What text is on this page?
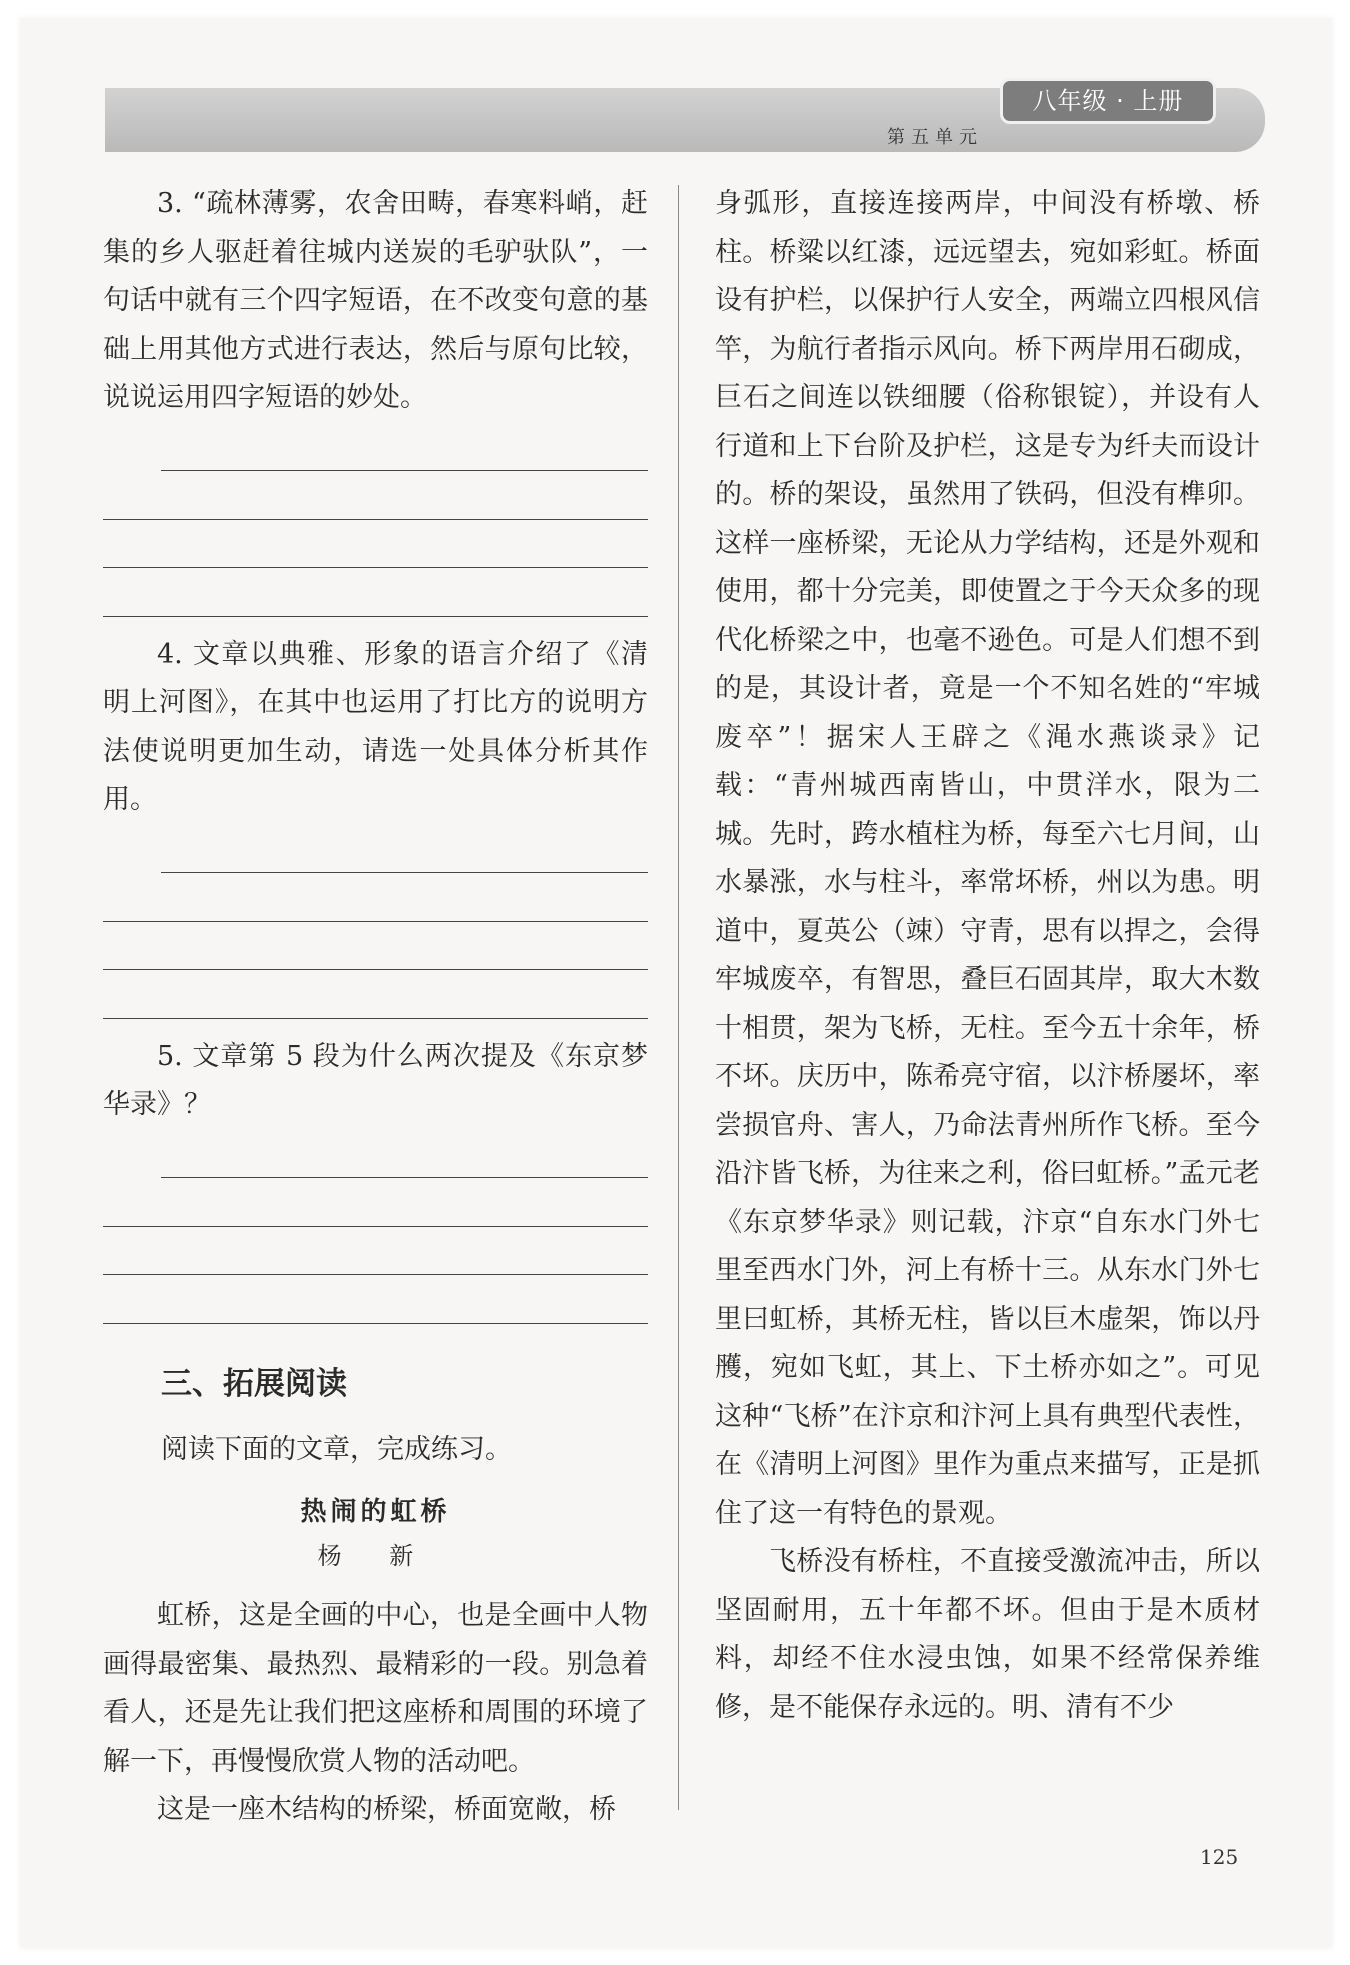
八年级 · 上册
第五单元

3. “疏林薄雾，农舍田畴，春寒料峭，赶集的乡人驱赶着往城内送炭的毛驴驮队”，一句话中就有三个四字短语，在不改变句意的基础上用其他方式进行表达，然后与原句比较，说说运用四字短语的妙处。

4. 文章以典雅、形象的语言介绍了《清明上河图》，在其中也运用了打比方的说明方法使说明更加生动，请选一处具体分析其作用。

5. 文章第 5 段为什么两次提及《东京梦华录》？

三、拓展阅读

阅读下面的文章，完成练习。

热闹的虹桥

杨 新

虹桥，这是全画的中心，也是全画中人物画得最密集、最热烈、最精彩的一段。别急着看人，还是先让我们把这座桥和周围的环境了解一下，再慢慢欣赏人物的活动吧。

这是一座木结构的桥梁，桥面宽敞，桥

身弧形，直接连接两岸，中间没有桥墩、桥柱。桥粱以红漆，远远望去，宛如彩虹。桥面设有护栏，以保护行人安全，两端立四根风信竿，为航行者指示风向。桥下两岸用石砌成，巨石之间连以铁细腰（俗称银锭），并设有人行道和上下台阶及护栏，这是专为纤夫而设计的。桥的架设，虽然用了铁码，但没有榫卯。这样一座桥梁，无论从力学结构，还是外观和使用，都十分完美，即使置之于今天众多的现代化桥梁之中，也毫不逊色。可是人们想不到的是，其设计者，竟是一个不知名姓的“牢城废卒”！据宋人王辟之《渑水燕谈录》记载：“青州城西南皆山，中贯洋水，限为二城。先时，跨水植柱为桥，每至六七月间，山水暴涨，水与柱斗，率常坏桥，州以为患。明道中，夏英公（竦）守青，思有以捍之，会得牢城废卒，有智思，叠巨石固其岸，取大木数十相贯，架为飞桥，无柱。至今五十余年，桥不坏。庆历中，陈希亮守宿，以汴桥屡坏，率尝损官舟、害人，乃命法青州所作飞桥。至今沿汴皆飞桥，为往来之利，俗曰虹桥。”孟元老《东京梦华录》则记载，汴京“自东水门外七里至西水门外，河上有桥十三。从东水门外七里曰虹桥，其桥无柱，皆以巨木虚架，饰以丹雘，宛如飞虹，其上、下土桥亦如之”。可见这种“飞桥”在汴京和汴河上具有典型代表性，在《清明上河图》里作为重点来描写，正是抓住了这一有特色的景观。

飞桥没有桥柱，不直接受激流冲击，所以坚固耐用，五十年都不坏。但由于是木质材料，却经不住水浸虫蚀，如果不经常保养维修，是不能保存永远的。明、清有不少

125
